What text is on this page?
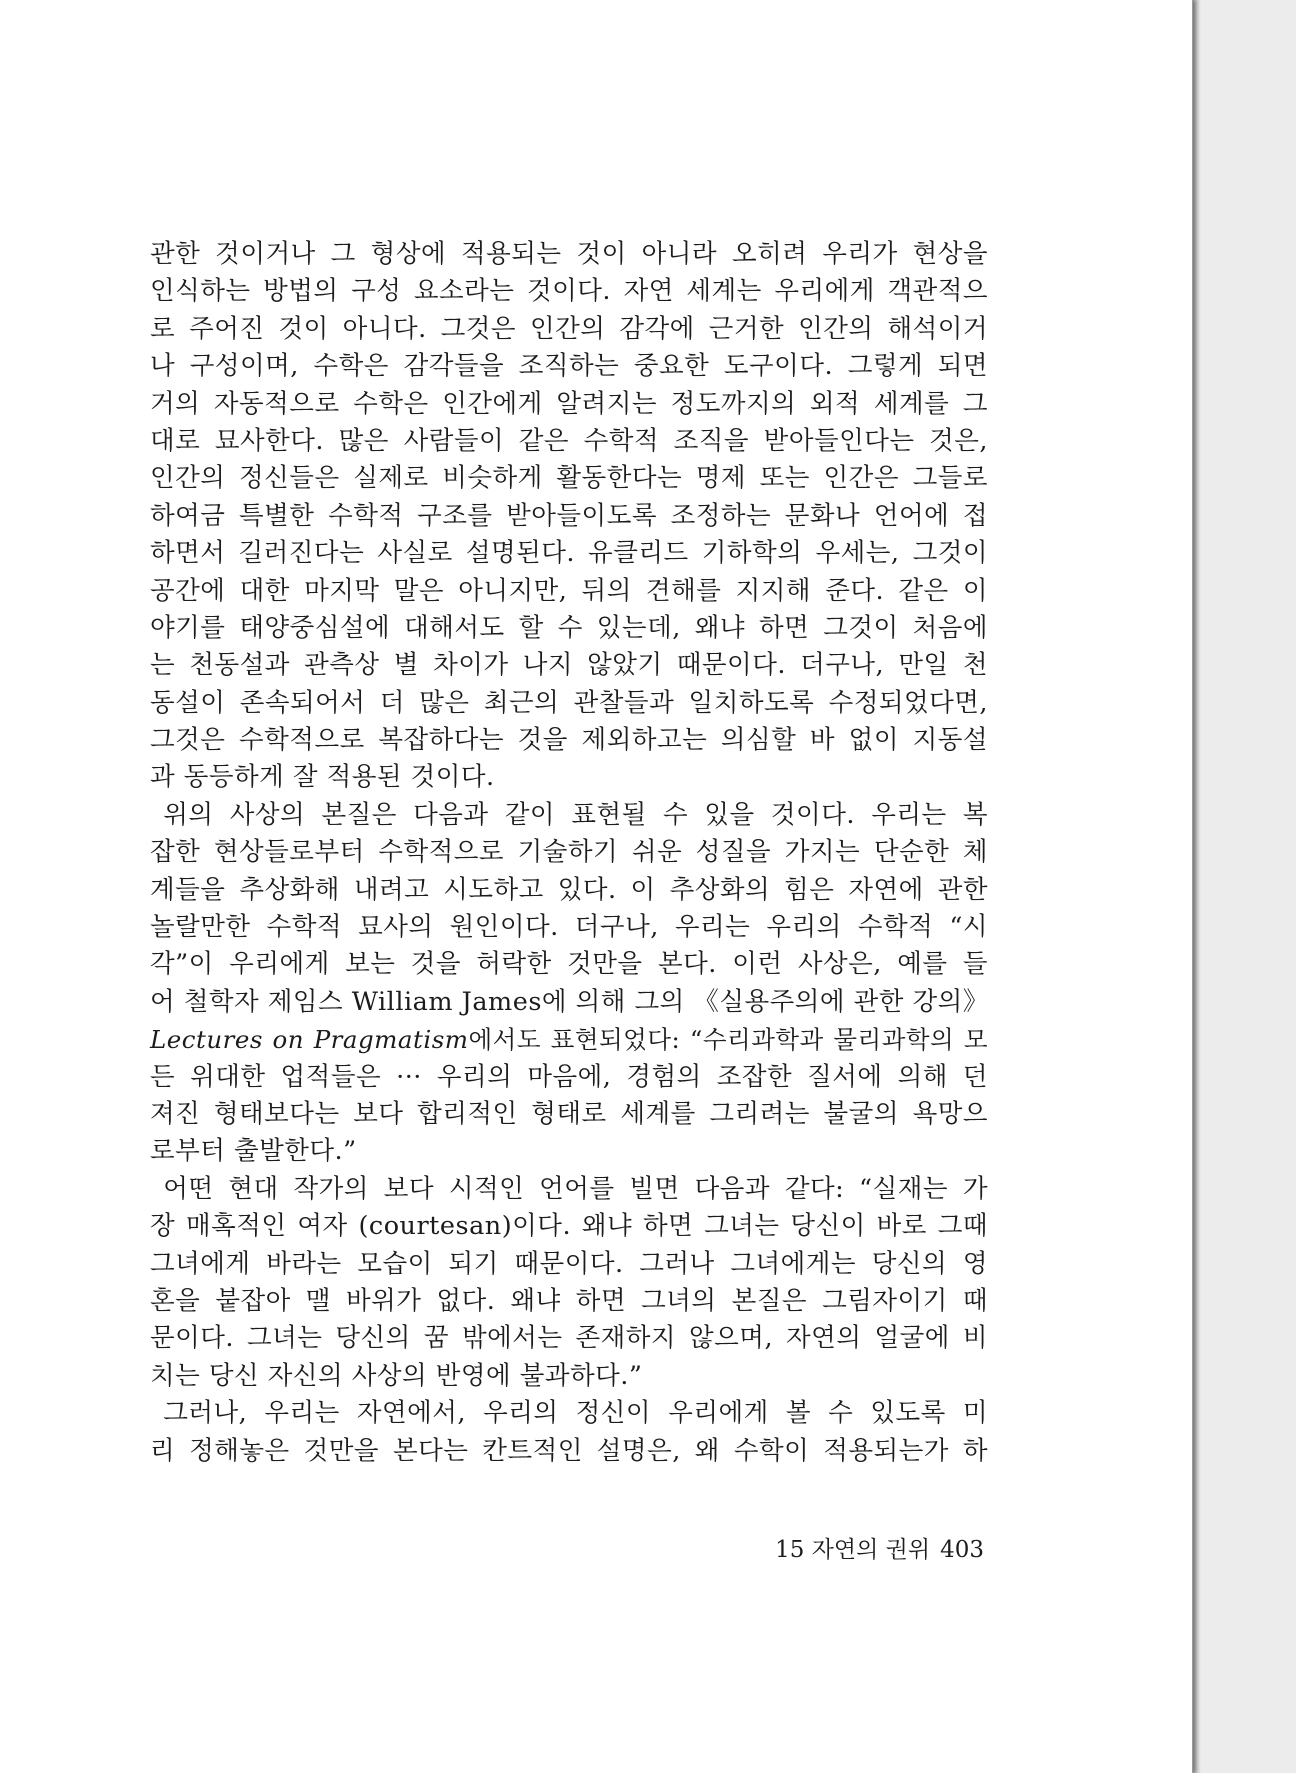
관한 것이거나 그 형상에 적용되는 것이 아니라 오히려 우리가 현상을
인식하는 방법의 구성 요소라는 것이다. 자연 세계는 우리에게 객관적으
로 주어진 것이 아니다. 그것은 인간의 감각에 근거한 인간의 해석이거
나 구성이며, 수학은 감각들을 조직하는 중요한 도구이다. 그렇게 되면
거의 자동적으로 수학은 인간에게 알려지는 정도까지의 외적 세계를 그
대로 묘사한다. 많은 사람들이 같은 수학적 조직을 받아들인다는 것은,
인간의 정신들은 실제로 비슷하게 활동한다는 명제 또는 인간은 그들로
하여금 특별한 수학적 구조를 받아들이도록 조정하는 문화나 언어에 접
하면서 길러진다는 사실로 설명된다. 유클리드 기하학의 우세는, 그것이
공간에 대한 마지막 말은 아니지만, 뒤의 견해를 지지해 준다. 같은 이
야기를 태양중심설에 대해서도 할 수 있는데, 왜냐 하면 그것이 처음에
는 천동설과 관측상 별 차이가 나지 않았기 때문이다. 더구나, 만일 천
동설이 존속되어서 더 많은 최근의 관찰들과 일치하도록 수정되었다면,
그것은 수학적으로 복잡하다는 것을 제외하고는 의심할 바 없이 지동설
과 동등하게 잘 적용된 것이다.
 위의 사상의 본질은 다음과 같이 표현될 수 있을 것이다. 우리는 복
잡한 현상들로부터 수학적으로 기술하기 쉬운 성질을 가지는 단순한 체
계들을 추상화해 내려고 시도하고 있다. 이 추상화의 힘은 자연에 관한
놀랄만한 수학적 묘사의 원인이다. 더구나, 우리는 우리의 수학적 “시
각”이 우리에게 보는 것을 허락한 것만을 본다. 이런 사상은, 예를 들
어 철학자 제임스 William James에 의해 그의 《실용주의에 관한 강의》
Lectures on Pragmatism에서도 표현되었다: “수리과학과 물리과학의 모
든 위대한 업적들은 ··· 우리의 마음에, 경험의 조잡한 질서에 의해 던
져진 형태보다는 보다 합리적인 형태로 세계를 그리려는 불굴의 욕망으
로부터 출발한다.”
 어떤 현대 작가의 보다 시적인 언어를 빌면 다음과 같다: “실재는 가
장 매혹적인 여자 (courtesan)이다. 왜냐 하면 그녀는 당신이 바로 그때
그녀에게 바라는 모습이 되기 때문이다. 그러나 그녀에게는 당신의 영
혼을 붙잡아 맬 바위가 없다. 왜냐 하면 그녀의 본질은 그림자이기 때
문이다. 그녀는 당신의 꿈 밖에서는 존재하지 않으며, 자연의 얼굴에 비
치는 당신 자신의 사상의 반영에 불과하다.”
 그러나, 우리는 자연에서, 우리의 정신이 우리에게 볼 수 있도록 미
리 정해놓은 것만을 본다는 칸트적인 설명은, 왜 수학이 적용되는가 하
15 자연의 권위 403
